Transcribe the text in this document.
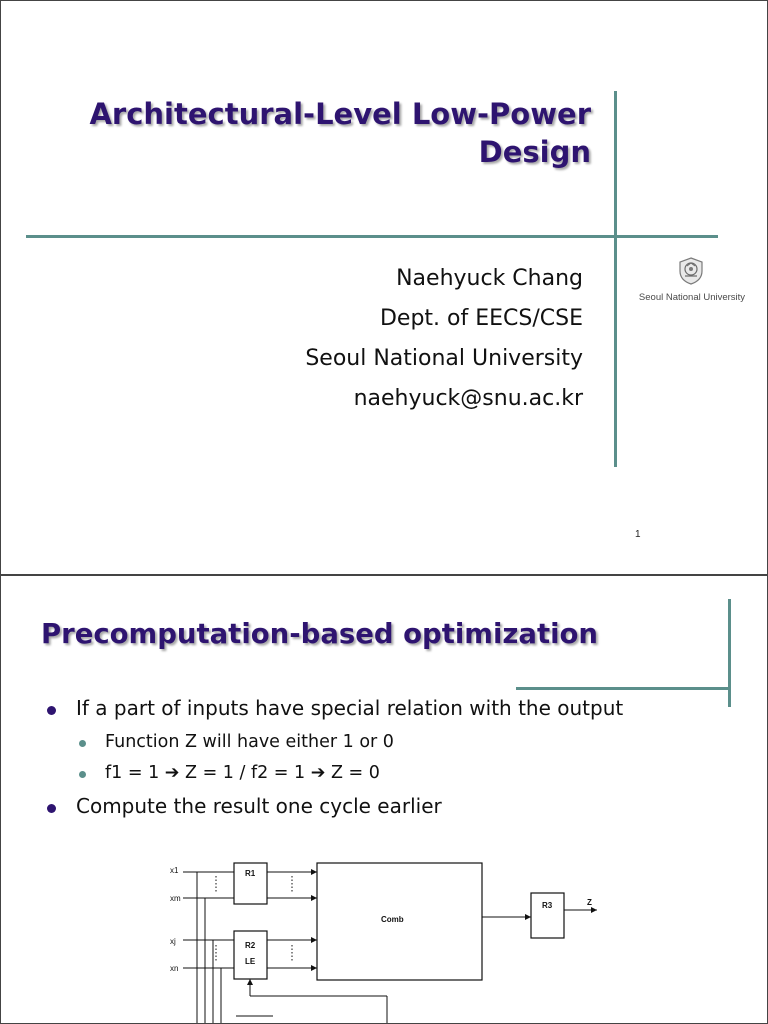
Architectural-Level Low-Power
Design
Naehyuck Chang
Dept. of EECS/CSE
Seoul National University
naehyuck@snu.ac.kr
Seoul National University
1
Precomputation-based optimization
If a part of inputs have special relation with the output
Function Z will have either 1 or 0
f1 = 1 ➔ Z = 1 / f2 = 1 ➔ Z = 0
Compute the result one cycle earlier
x1
xm
xj
xn
R1
R2
LE
Comb
R3	Z
